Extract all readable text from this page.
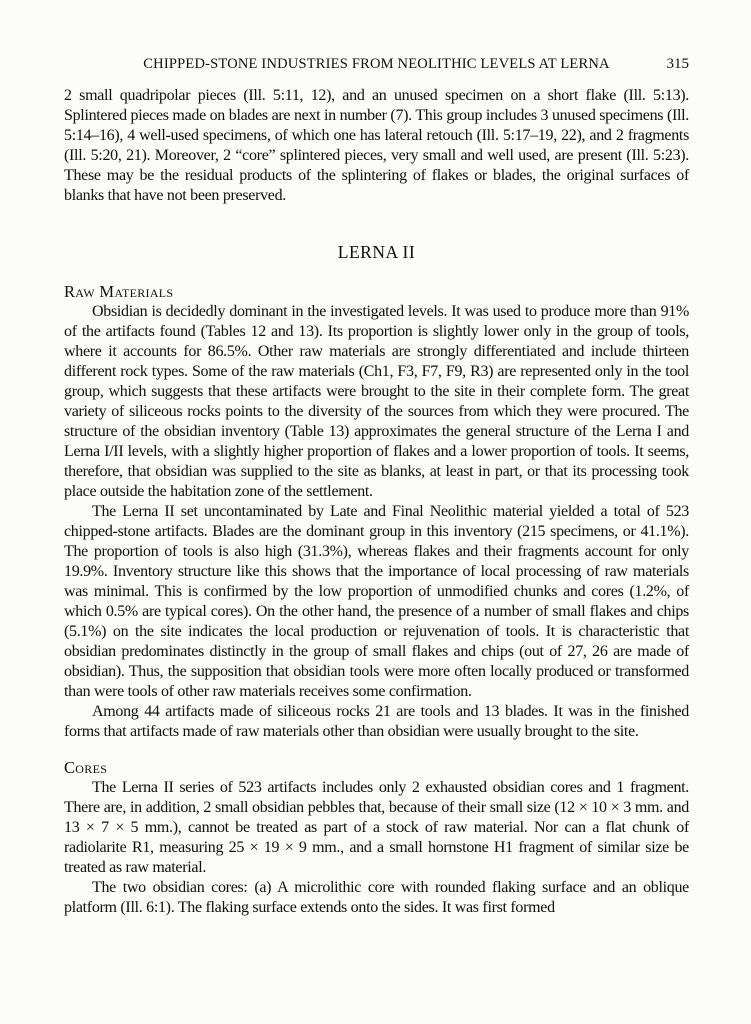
CHIPPED-STONE INDUSTRIES FROM NEOLITHIC LEVELS AT LERNA	315

2 small quadripolar pieces (Ill. 5:11, 12), and an unused specimen on a short flake (Ill. 5:13). Splintered pieces made on blades are next in number (7). This group includes 3 unused specimens (Ill. 5:14–16), 4 well-used specimens, of which one has lateral retouch (Ill. 5:17–19, 22), and 2 fragments (Ill. 5:20, 21). Moreover, 2 “core” splintered pieces, very small and well used, are present (Ill. 5:23). These may be the residual products of the splintering of flakes or blades, the original surfaces of blanks that have not been preserved.

LERNA II
Raw Materials

Obsidian is decidedly dominant in the investigated levels. It was used to produce more than 91% of the artifacts found (Tables 12 and 13). Its proportion is slightly lower only in the group of tools, where it accounts for 86.5%. Other raw materials are strongly differentiated and include thirteen different rock types. Some of the raw materials (Ch1, F3, F7, F9, R3) are represented only in the tool group, which suggests that these artifacts were brought to the site in their complete form. The great variety of siliceous rocks points to the diversity of the sources from which they were procured. The structure of the obsidian inventory (Table 13) approximates the general structure of the Lerna I and Lerna I/II levels, with a slightly higher proportion of flakes and a lower proportion of tools. It seems, therefore, that obsidian was supplied to the site as blanks, at least in part, or that its processing took place outside the habitation zone of the settlement.

The Lerna II set uncontaminated by Late and Final Neolithic material yielded a total of 523 chipped-stone artifacts. Blades are the dominant group in this inventory (215 specimens, or 41.1%). The proportion of tools is also high (31.3%), whereas flakes and their fragments account for only 19.9%. Inventory structure like this shows that the importance of local processing of raw materials was minimal. This is confirmed by the low proportion of unmodified chunks and cores (1.2%, of which 0.5% are typical cores). On the other hand, the presence of a number of small flakes and chips (5.1%) on the site indicates the local production or rejuvenation of tools. It is characteristic that obsidian predominates distinctly in the group of small flakes and chips (out of 27, 26 are made of obsidian). Thus, the supposition that obsidian tools were more often locally produced or transformed than were tools of other raw materials receives some confirmation.

Among 44 artifacts made of siliceous rocks 21 are tools and 13 blades. It was in the finished forms that artifacts made of raw materials other than obsidian were usually brought to the site.

Cores

The Lerna II series of 523 artifacts includes only 2 exhausted obsidian cores and 1 fragment. There are, in addition, 2 small obsidian pebbles that, because of their small size (12 × 10 × 3 mm. and 13 × 7 × 5 mm.), cannot be treated as part of a stock of raw material. Nor can a flat chunk of radiolarite R1, measuring 25 × 19 × 9 mm., and a small hornstone H1 fragment of similar size be treated as raw material.

The two obsidian cores: (a) A microlithic core with rounded flaking surface and an oblique platform (Ill. 6:1). The flaking surface extends onto the sides. It was first formed
